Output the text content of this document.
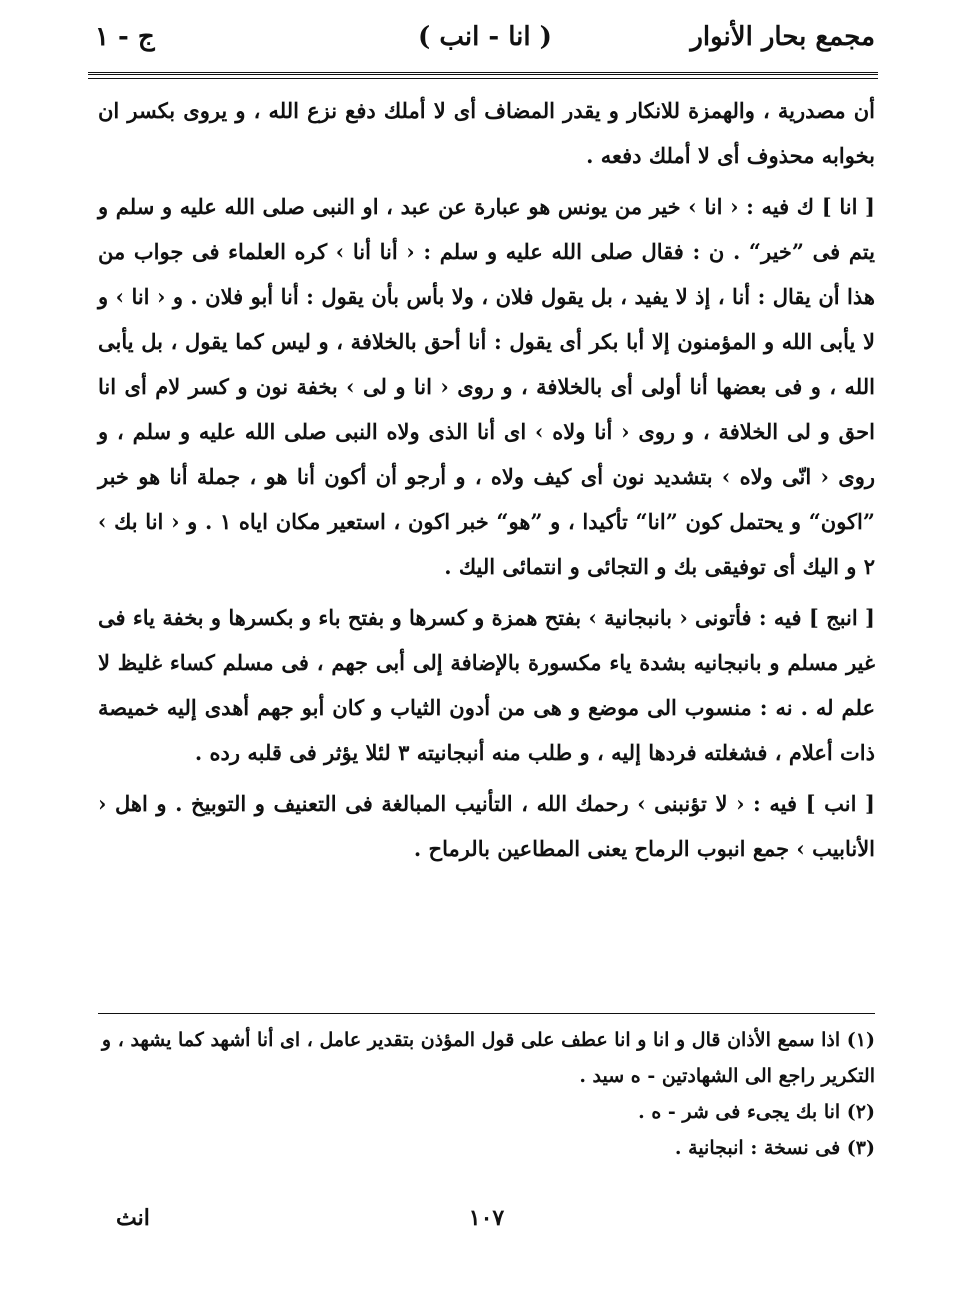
مجمع بحار الأنوار
( انا - انب )
ج - ١

أن مصدرية ، والهمزة للانكار و يقدر المضاف أى لا أملك دفع نزع الله ، و يروى بكسر ان بخوابه محذوف أى لا أملك دفعه .

[ انا ] ك فيه : ‹ انا › خير من يونس هو عبارة عن عبد ، او النبى صلى الله عليه و سلم و يتم فى ”خير“ . ن : فقال صلى الله عليه و سلم : ‹ أنا أنا › كره العلماء فى جواب من هذا أن يقال : أنا ، إذ لا يفيد ، بل يقول فلان ، ولا بأس بأن يقول : أنا أبو فلان . و ‹ انا › و لا يأبى الله و المؤمنون إلا أبا بكر أى يقول : أنا أحق بالخلافة ، و ليس كما يقول ، بل يأبى الله ، و فى بعضها أنا أولى أى بالخلافة ، و روى ‹ انا و لى › بخفة نون و كسر لام أى انا احق و لى الخلافة ، و روى ‹ أنا ولاه › اى أنا الذى ولاه النبى صلى الله عليه و سلم ، و روى ‹ انّى ولاه › بتشديد نون أى كيف ولاه ، و أرجو أن أكون أنا هو ، جملة أنا هو خبر ”اكون“ و يحتمل كون ”انا“ تأكيدا ، و ”هو“ خبر اكون ، استعير مكان اياه ١ . و ‹ انا بك › ٢ و اليك أى توفيقى بك و التجائى و انتمائى اليك .

[ انبج ] فيه : فأتونى ‹ بانبجانية › بفتح همزة و كسرها و بفتح باء و بكسرها و بخفة ياء فى غير مسلم و بانبجانيه بشدة ياء مكسورة بالإضافة إلى أبى جهم ، فى مسلم كساء غليظ لا علم له . نه : منسوب الى موضع و هى من أدون الثياب و كان أبو جهم أهدى إليه خميصة ذات أعلام ، فشغلته فردها إليه ، و طلب منه أنبجانيته ٣ لئلا يؤثر فى قلبه رده .

[ انب ] فيه : ‹ لا تؤنبنى › رحمك الله ، التأنيب المبالغة فى التعنيف و التوبيخ . و اهل ‹ الأنابيب › جمع انبوب الرماح يعنى المطاعين بالرماح .

(١) اذا سمع الأذان قال و انا و انا عطف على قول المؤذن بتقدير عامل ، اى أنا أشهد كما يشهد ، و التكرير راجع الى الشهادتين - ه سيد .

(٢) انا بك يجىء فى شر - ه .

(٣) فى نسخة : انبجانية .

١٠٧
انث
